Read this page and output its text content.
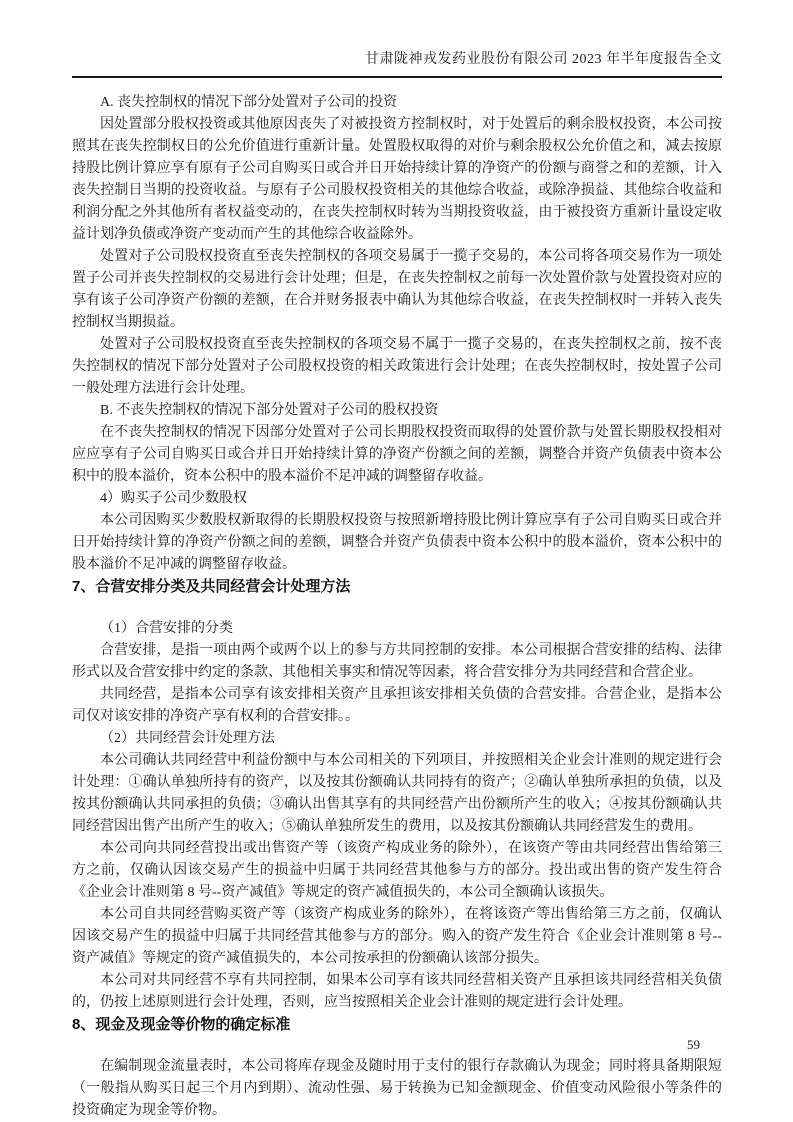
甘肃陇神戎发药业股份有限公司 2023 年半年度报告全文

A. 丧失控制权的情况下部分处置对子公司的投资

因处置部分股权投资或其他原因丧失了对被投资方控制权时，对于处置后的剩余股权投资，本公司按照其在丧失控制权日的公允价值进行重新计量。处置股权取得的对价与剩余股权公允价值之和，减去按原持股比例计算应享有原有子公司自购买日或合并日开始持续计算的净资产的份额与商誉之和的差额，计入丧失控制日当期的投资收益。与原有子公司股权投资相关的其他综合收益，或除净损益、其他综合收益和利润分配之外其他所有者权益变动的，在丧失控制权时转为当期投资收益，由于被投资方重新计量设定收益计划净负债或净资产变动而产生的其他综合收益除外。

处置对子公司股权投资直至丧失控制权的各项交易属于一揽子交易的，本公司将各项交易作为一项处置子公司并丧失控制权的交易进行会计处理；但是，在丧失控制权之前每一次处置价款与处置投资对应的享有该子公司净资产份额的差额，在合并财务报表中确认为其他综合收益，在丧失控制权时一并转入丧失控制权当期损益。

处置对子公司股权投资直至丧失控制权的各项交易不属于一揽子交易的，在丧失控制权之前，按不丧失控制权的情况下部分处置对子公司股权投资的相关政策进行会计处理；在丧失控制权时，按处置子公司一般处理方法进行会计处理。

B. 不丧失控制权的情况下部分处置对子公司的股权投资

在不丧失控制权的情况下因部分处置对子公司长期股权投资而取得的处置价款与处置长期股权投相对应应享有子公司自购买日或合并日开始持续计算的净资产份额之间的差额，调整合并资产负债表中资本公积中的股本溢价，资本公积中的股本溢价不足冲减的调整留存收益。

4）购买子公司少数股权

本公司因购买少数股权新取得的长期股权投资与按照新增持股比例计算应享有子公司自购买日或合并日开始持续计算的净资产份额之间的差额，调整合并资产负债表中资本公积中的股本溢价，资本公积中的股本溢价不足冲减的调整留存收益。

7、合营安排分类及共同经营会计处理方法

（1）合营安排的分类

合营安排，是指一项由两个或两个以上的参与方共同控制的安排。本公司根据合营安排的结构、法律形式以及合营安排中约定的条款、其他相关事实和情况等因素，将合营安排分为共同经营和合营企业。

共同经营，是指本公司享有该安排相关资产且承担该安排相关负债的合营安排。合营企业，是指本公司仅对该安排的净资产享有权利的合营安排。。

（2）共同经营会计处理方法

本公司确认共同经营中利益份额中与本公司相关的下列项目，并按照相关企业会计准则的规定进行会计处理：①确认单独所持有的资产，以及按其份额确认共同持有的资产；②确认单独所承担的负债，以及按其份额确认共同承担的负债；③确认出售其享有的共同经营产出份额所产生的收入；④按其份额确认共同经营因出售产出所产生的收入；⑤确认单独所发生的费用，以及按其份额确认共同经营发生的费用。

本公司向共同经营投出或出售资产等（该资产构成业务的除外），在该资产等由共同经营出售给第三方之前，仅确认因该交易产生的损益中归属于共同经营其他参与方的部分。投出或出售的资产发生符合《企业会计准则第 8 号--资产减值》等规定的资产减值损失的，本公司全额确认该损失。

本公司自共同经营购买资产等（该资产构成业务的除外），在将该资产等出售给第三方之前，仅确认因该交易产生的损益中归属于共同经营其他参与方的部分。购入的资产发生符合《企业会计准则第 8 号--资产减值》等规定的资产减值损失的，本公司按承担的份额确认该部分损失。

本公司对共同经营不享有共同控制，如果本公司享有该共同经营相关资产且承担该共同经营相关负债的，仍按上述原则进行会计处理，否则，应当按照相关企业会计准则的规定进行会计处理。

8、现金及现金等价物的确定标准

在编制现金流量表时，本公司将库存现金及随时用于支付的银行存款确认为现金；同时将具备期限短（一般指从购买日起三个月内到期）、流动性强、易于转换为已知金额现金、价值变动风险很小等条件的投资确定为现金等价物。

59
